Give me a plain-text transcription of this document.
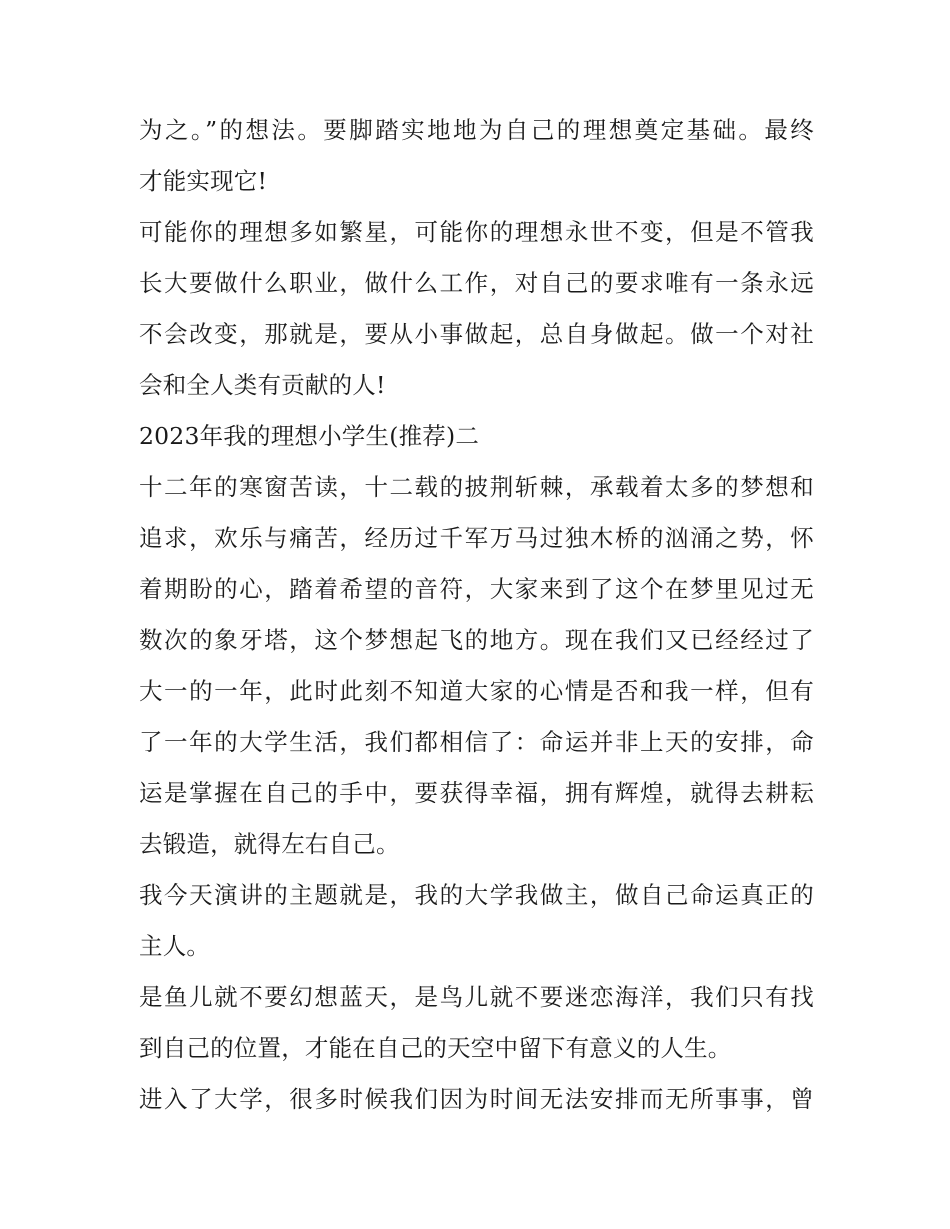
为之。”的想法。要脚踏实地地为自己的理想奠定基础。最终
才能实现它!
可能你的理想多如繁星，可能你的理想永世不变，但是不管我
长大要做什么职业，做什么工作，对自己的要求唯有一条永远
不会改变，那就是，要从小事做起，总自身做起。做一个对社
会和全人类有贡献的人!
2023年我的理想小学生(推荐)二
十二年的寒窗苦读，十二载的披荆斩棘，承载着太多的梦想和
追求，欢乐与痛苦，经历过千军万马过独木桥的汹涌之势，怀
着期盼的心，踏着希望的音符，大家来到了这个在梦里见过无
数次的象牙塔，这个梦想起飞的地方。现在我们又已经经过了
大一的一年，此时此刻不知道大家的心情是否和我一样，但有
了一年的大学生活，我们都相信了：命运并非上天的安排，命
运是掌握在自己的手中，要获得幸福，拥有辉煌，就得去耕耘
去锻造，就得左右自己。
我今天演讲的主题就是，我的大学我做主，做自己命运真正的
主人。
是鱼儿就不要幻想蓝天，是鸟儿就不要迷恋海洋，我们只有找
到自己的位置，才能在自己的天空中留下有意义的人生。
进入了大学，很多时候我们因为时间无法安排而无所事事，曾
